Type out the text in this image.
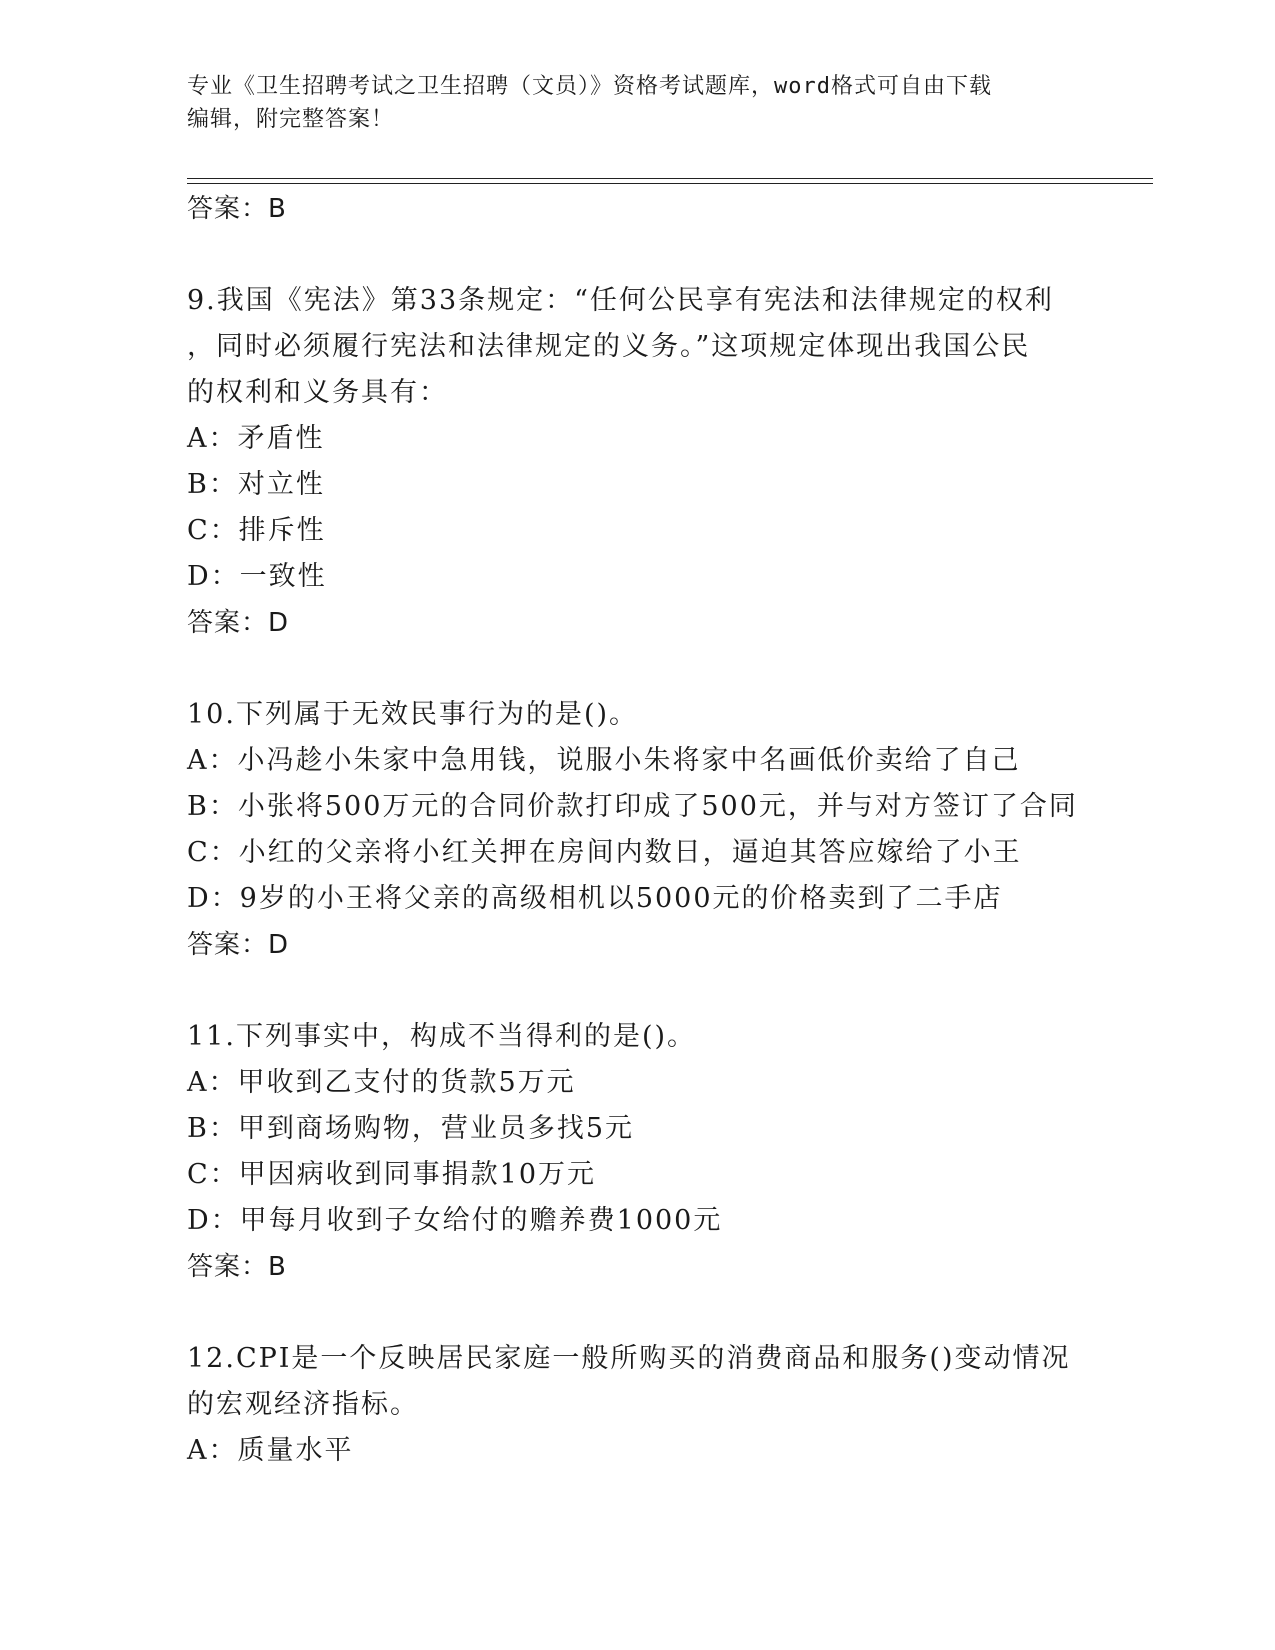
专业《卫生招聘考试之卫生招聘（文员）》资格考试题库，word格式可自由下载
编辑，附完整答案！
答案：B
9.我国《宪法》第33条规定：“任何公民享有宪法和法律规定的权利
，同时必须履行宪法和法律规定的义务。”这项规定体现出我国公民
的权利和义务具有：
A：矛盾性
B：对立性
C：排斥性
D：一致性
答案：D
10.下列属于无效民事行为的是()。
A：小冯趁小朱家中急用钱，说服小朱将家中名画低价卖给了自己
B：小张将500万元的合同价款打印成了500元，并与对方签订了合同
C：小红的父亲将小红关押在房间内数日，逼迫其答应嫁给了小王
D：9岁的小王将父亲的高级相机以5000元的价格卖到了二手店
答案：D
11.下列事实中，构成不当得利的是()。
A：甲收到乙支付的货款5万元
B：甲到商场购物，营业员多找5元
C：甲因病收到同事捐款10万元
D：甲每月收到子女给付的赡养费1000元
答案：B
12.CPI是一个反映居民家庭一般所购买的消费商品和服务()变动情况
的宏观经济指标。
A：质量水平
